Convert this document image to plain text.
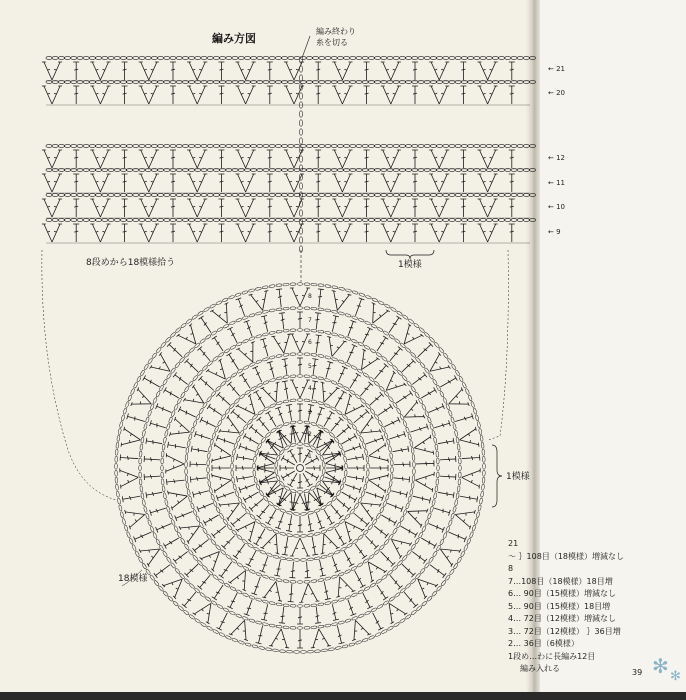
1
2
3
4
5
6
7
8
編み方図
編み終わり
糸を切る
← 21
← 20
← 12
← 11
← 10
← 9
8段めから18模様拾う	1模様
1模様
18模様
21
〜 ｝108目（18模様）増減なし
8
7…108目（18模様）18目増
6… 90目（15模様）増減なし
5… 90目（15模様）18目増
4… 72目（12模様）増減なし
3… 72目（12模様） ｝36目増
2… 36目（6模様）
1段め…わに長編み12目
編み入れる	39 ✻ ✻
